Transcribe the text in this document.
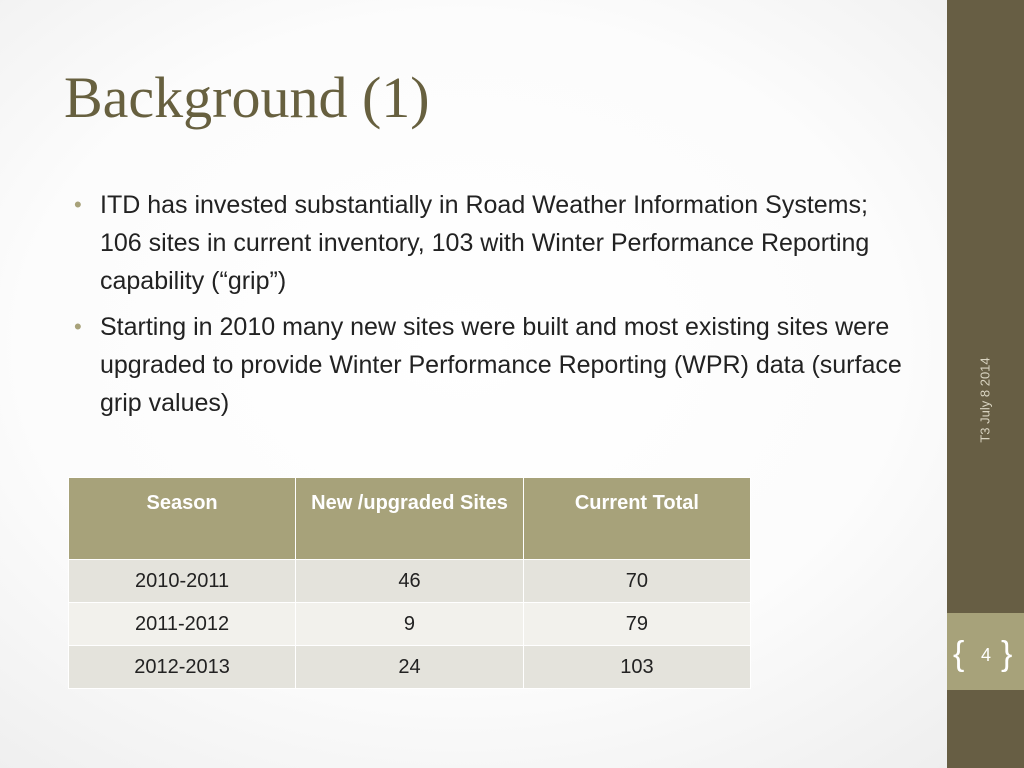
Background (1)
• ITD has invested substantially in Road Weather Information Systems; 106 sites in current inventory, 103 with Winter Performance Reporting capability (“grip”)
• Starting in 2010 many new sites were built and most existing sites were upgraded to provide Winter Performance Reporting (WPR) data (surface grip values)
Season	New /upgraded Sites	Current Total
2010-2011	46	70
2011-2012	9	79
2012-2013	24	103
T3 July 8 2014
{ }
4
